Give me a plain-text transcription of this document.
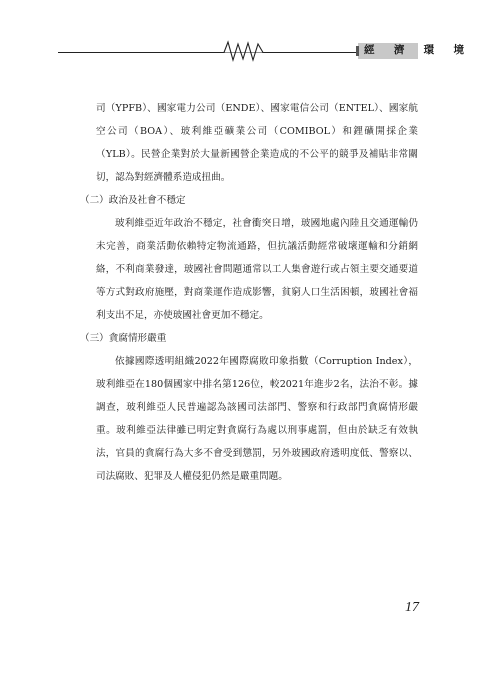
經 濟 環 境

司（YPFB）、國家電力公司（ENDE）、國家電信公司（ENTEL）、國家航空公司（BOA）、玻利維亞礦業公司（COMIBOL）和鋰礦開採企業（YLB）。民營企業對於大量新國營企業造成的不公平的競爭及補貼非常關切，認為對經濟體系造成扭曲。

（二）政治及社會不穩定

玻利維亞近年政治不穩定，社會衝突日增，玻國地處內陸且交通運輸仍未完善，商業活動依賴特定物流通路，但抗議活動經常破壞運輸和分銷網絡，不利商業發達，玻國社會問題通常以工人集會遊行或占領主要交通要道等方式對政府施壓，對商業運作造成影響，貧窮人口生活困頓，玻國社會福利支出不足，亦使玻國社會更加不穩定。

（三）貪腐情形嚴重

依據國際透明組織2022年國際腐敗印象指數（Corruption Index），玻利維亞在180個國家中排名第126位，較2021年進步2名，法治不彰。據調查，玻利維亞人民普遍認為該國司法部門、警察和行政部門貪腐情形嚴重。玻利維亞法律雖已明定對貪腐行為處以刑事處罰，但由於缺乏有效執法，官員的貪腐行為大多不會受到懲罰，另外玻國政府透明度低、警察以、司法腐敗、犯罪及人權侵犯仍然是嚴重問題。

17
